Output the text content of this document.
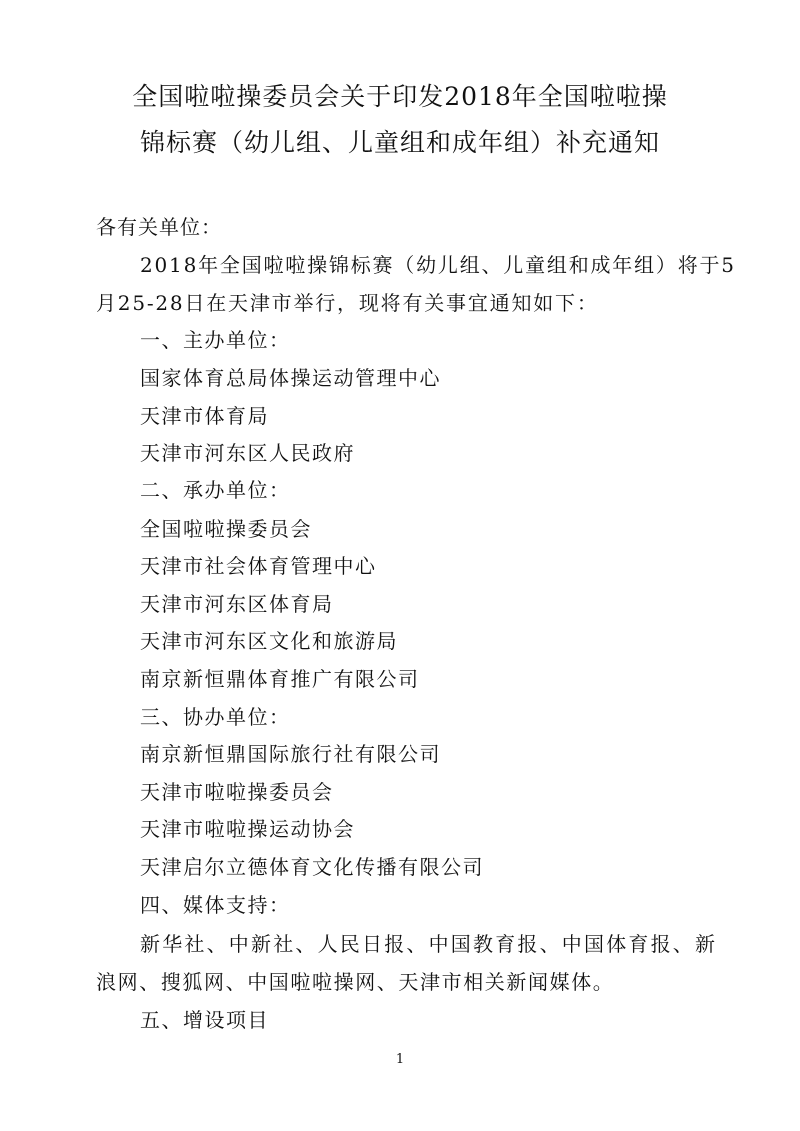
全国啦啦操委员会关于印发2018年全国啦啦操
锦标赛（幼儿组、儿童组和成年组）补充通知
各有关单位：
2018年全国啦啦操锦标赛（幼儿组、儿童组和成年组）将于5
月25-28日在天津市举行，现将有关事宜通知如下：
一、主办单位：
国家体育总局体操运动管理中心
天津市体育局
天津市河东区人民政府
二、承办单位：
全国啦啦操委员会
天津市社会体育管理中心
天津市河东区体育局
天津市河东区文化和旅游局
南京新恒鼎体育推广有限公司
三、协办单位：
南京新恒鼎国际旅行社有限公司
天津市啦啦操委员会
天津市啦啦操运动协会
天津启尔立德体育文化传播有限公司
四、媒体支持：
新华社、中新社、人民日报、中国教育报、中国体育报、新
浪网、搜狐网、中国啦啦操网、天津市相关新闻媒体。
五、增设项目
1
